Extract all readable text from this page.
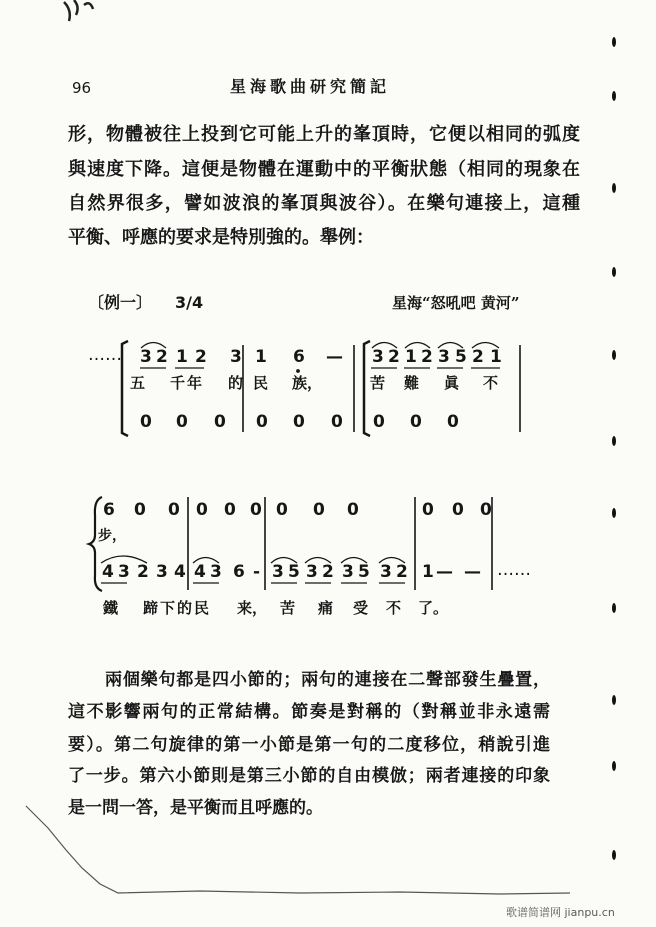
96	星海歌曲研究簡記
形，物體被往上投到它可能上升的峯頂時，它便以相同的弧度
與速度下降。這便是物體在運動中的平衡狀態（相同的現象在
自然界很多，譬如波浪的峯頂與波谷）。在樂句連接上，這種
平衡、呼應的要求是特別強的。舉例：
〔例一〕 3/4	星海“怒吼吧 黄河”
…… 3 2 1 2 3 1 6 — 3 2 1 2 3 5 2 1
五 千年 的 民 族，	苦 難 眞 不
0 0 0 0 0 0 0 0 0
6 0 0 0 0 0 0 0 0	0 0 0
步，
4 3 2 3 4 4 3 6 - 3 5 3 2 3 5 3 2 1 — — ……
鐵 蹄下的民 来， 苦 痛 受 不 了。
兩個樂句都是四小節的；兩句的連接在二聲部發生疊置，
這不影響兩句的正常結構。節奏是對稱的（對稱並非永遠需
要）。第二句旋律的第一小節是第一句的二度移位，稍說引進
了一步。第六小節則是第三小節的自由模倣；兩者連接的印象
是一問一答，是平衡而且呼應的。
歌谱简谱网 jianpu.cn
